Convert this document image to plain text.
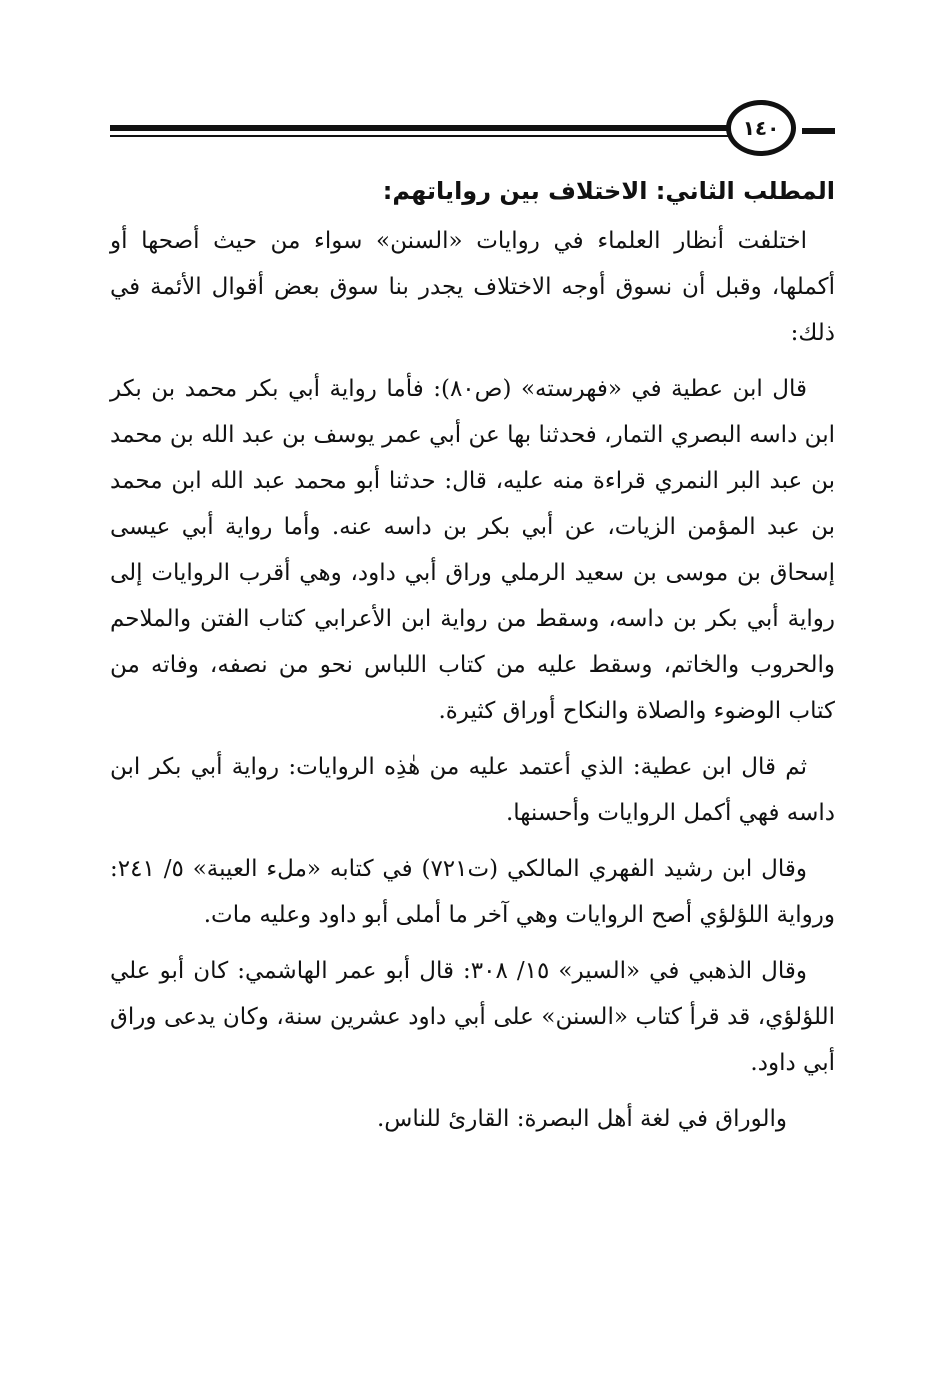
١٤٠
المطلب الثاني: الاختلاف بين رواياتهم:

اختلفت أنظار العلماء في روايات «السنن» سواء من حيث أصحها أو أكملها، وقبل أن نسوق أوجه الاختلاف يجدر بنا سوق بعض أقوال الأئمة في ذلك:

قال ابن عطية في «فهرسته» (ص٨٠): فأما رواية أبي بكر محمد بن بكر ابن داسه البصري التمار، فحدثنا بها عن أبي عمر يوسف بن عبد الله بن محمد بن عبد البر النمري قراءة منه عليه، قال: حدثنا أبو محمد عبد الله ابن محمد بن عبد المؤمن الزيات، عن أبي بكر بن داسه عنه. وأما رواية أبي عيسى إسحاق بن موسى بن سعيد الرملي وراق أبي داود، وهي أقرب الروايات إلى رواية أبي بكر بن داسه، وسقط من رواية ابن الأعرابي كتاب الفتن والملاحم والحروب والخاتم، وسقط عليه من كتاب اللباس نحو من نصفه، وفاته من كتاب الوضوء والصلاة والنكاح أوراق كثيرة.

ثم قال ابن عطية: الذي أعتمد عليه من هٰذِه الروايات: رواية أبي بكر ابن داسه فهي أكمل الروايات وأحسنها.

وقال ابن رشيد الفهري المالكي (ت٧٢١) في كتابه «ملء العيبة» ٥/ ٢٤١: ورواية اللؤلؤي أصح الروايات وهي آخر ما أملى أبو داود وعليه مات.

وقال الذهبي في «السير» ١٥/ ٣٠٨: قال أبو عمر الهاشمي: كان أبو علي اللؤلؤي، قد قرأ كتاب «السنن» على أبي داود عشرين سنة، وكان يدعى وراق أبي داود.

والوراق في لغة أهل البصرة: القارئ للناس.
